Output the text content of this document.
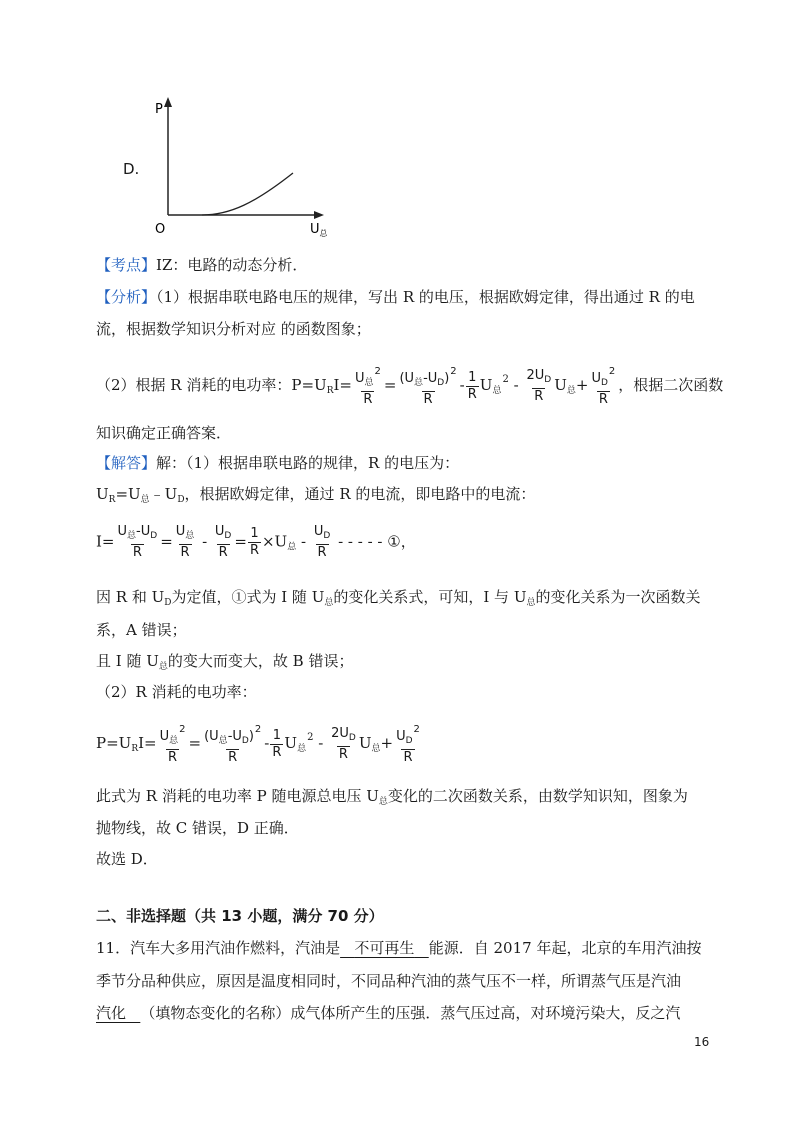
D.
P
O	$U_总$
【考点】IZ：电路的动态分析．
【分析】（1）根据串联电路电压的规律，写出 R 的电压，根据欧姆定律，得出通过 R 的电
流，根据数学知识分析对应 的函数图象；
（2）根据 R 消耗的电功率：$P=U_RI= \frac{U_总^2}{R} = \frac{(U_总-U_D)^2}{R} - \frac{1}{R} U_总^2 - \frac{2U_D}{R} U_总+ \frac{U_D^2}{R}$ ，根据二次函数
知识确定正确答案．
【解答】解：（1）根据串联电路的规律，R 的电压为：
$U_R=U_总﹣U_D$，根据欧姆定律，通过 R 的电流，即电路中的电流：
$I= \frac{U_总-U_D}{R} = \frac{U_总}{R} - \frac{U_D}{R} = \frac{1}{R} \times U_总 - \frac{U_D}{R}$ - - - - - ①，
因 R 和 $U_D$为定值，①式为 I 随 $U_总$的变化关系式，可知，I 与 $U_总$的变化关系为一次函数关
系，A 错误；
且 I 随 $U_总$的变大而变大，故 B 错误；
（2）R 消耗的电功率：
$P=U_RI= \frac{U_总^2}{R} = \frac{(U_总-U_D)^2}{R} - \frac{1}{R} U_总^2 - \frac{2U_D}{R} U_总+ \frac{U_D^2}{R}$
此式为 R 消耗的电功率 P 随电源总电压 $U_总$变化的二次函数关系，由数学知识知，图象为
抛物线，故 C 错误，D 正确．
故选 D．
二、非选择题（共 13 小题，满分 70 分）
11．汽车大多用汽油作燃料，汽油是 不可再生 能源．自 2017 年起，北京的车用汽油按
季节分品种供应，原因是温度相同时，不同品种汽油的蒸气压不一样，所谓蒸气压是汽油
汽化 （填物态变化的名称）成气体所产生的压强．蒸气压过高，对环境污染大，反之汽
16
